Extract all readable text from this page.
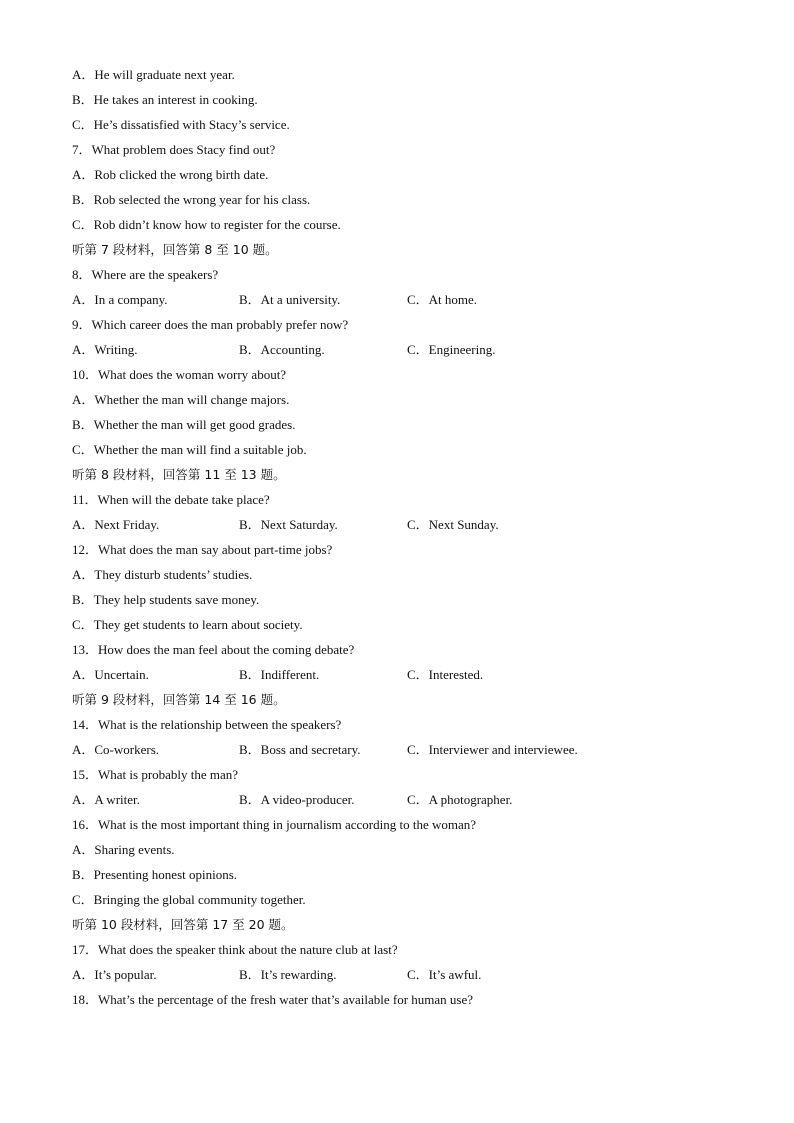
A．He will graduate next year.
B．He takes an interest in cooking.
C．He’s dissatisfied with Stacy’s service.
7．What problem does Stacy find out?
A．Rob clicked the wrong birth date.
B．Rob selected the wrong year for his class.
C．Rob didn’t know how to register for the course.
听第 7 段材料，回答第 8 至 10 题。
8．Where are the speakers?
A．In a company.	B．At a university.	C．At home.
9．Which career does the man probably prefer now?
A．Writing.	B．Accounting.	C．Engineering.
10．What does the woman worry about?
A．Whether the man will change majors.
B．Whether the man will get good grades.
C．Whether the man will find a suitable job.
听第 8 段材料，回答第 11 至 13 题。
11．When will the debate take place?
A．Next Friday.	B．Next Saturday.	C．Next Sunday.
12．What does the man say about part-time jobs?
A．They disturb students’ studies.
B．They help students save money.
C．They get students to learn about society.
13．How does the man feel about the coming debate?
A．Uncertain.	B．Indifferent.	C．Interested.
听第 9 段材料，回答第 14 至 16 题。
14．What is the relationship between the speakers?
A．Co-workers.	B．Boss and secretary.	C．Interviewer and interviewee.
15．What is probably the man?
A．A writer.	B．A video-producer.	C．A photographer.
16．What is the most important thing in journalism according to the woman?
A．Sharing events.
B．Presenting honest opinions.
C．Bringing the global community together.
听第 10 段材料，回答第 17 至 20 题。
17．What does the speaker think about the nature club at last?
A．It’s popular.	B．It’s rewarding.	C．It’s awful.
18．What’s the percentage of the fresh water that’s available for human use?
